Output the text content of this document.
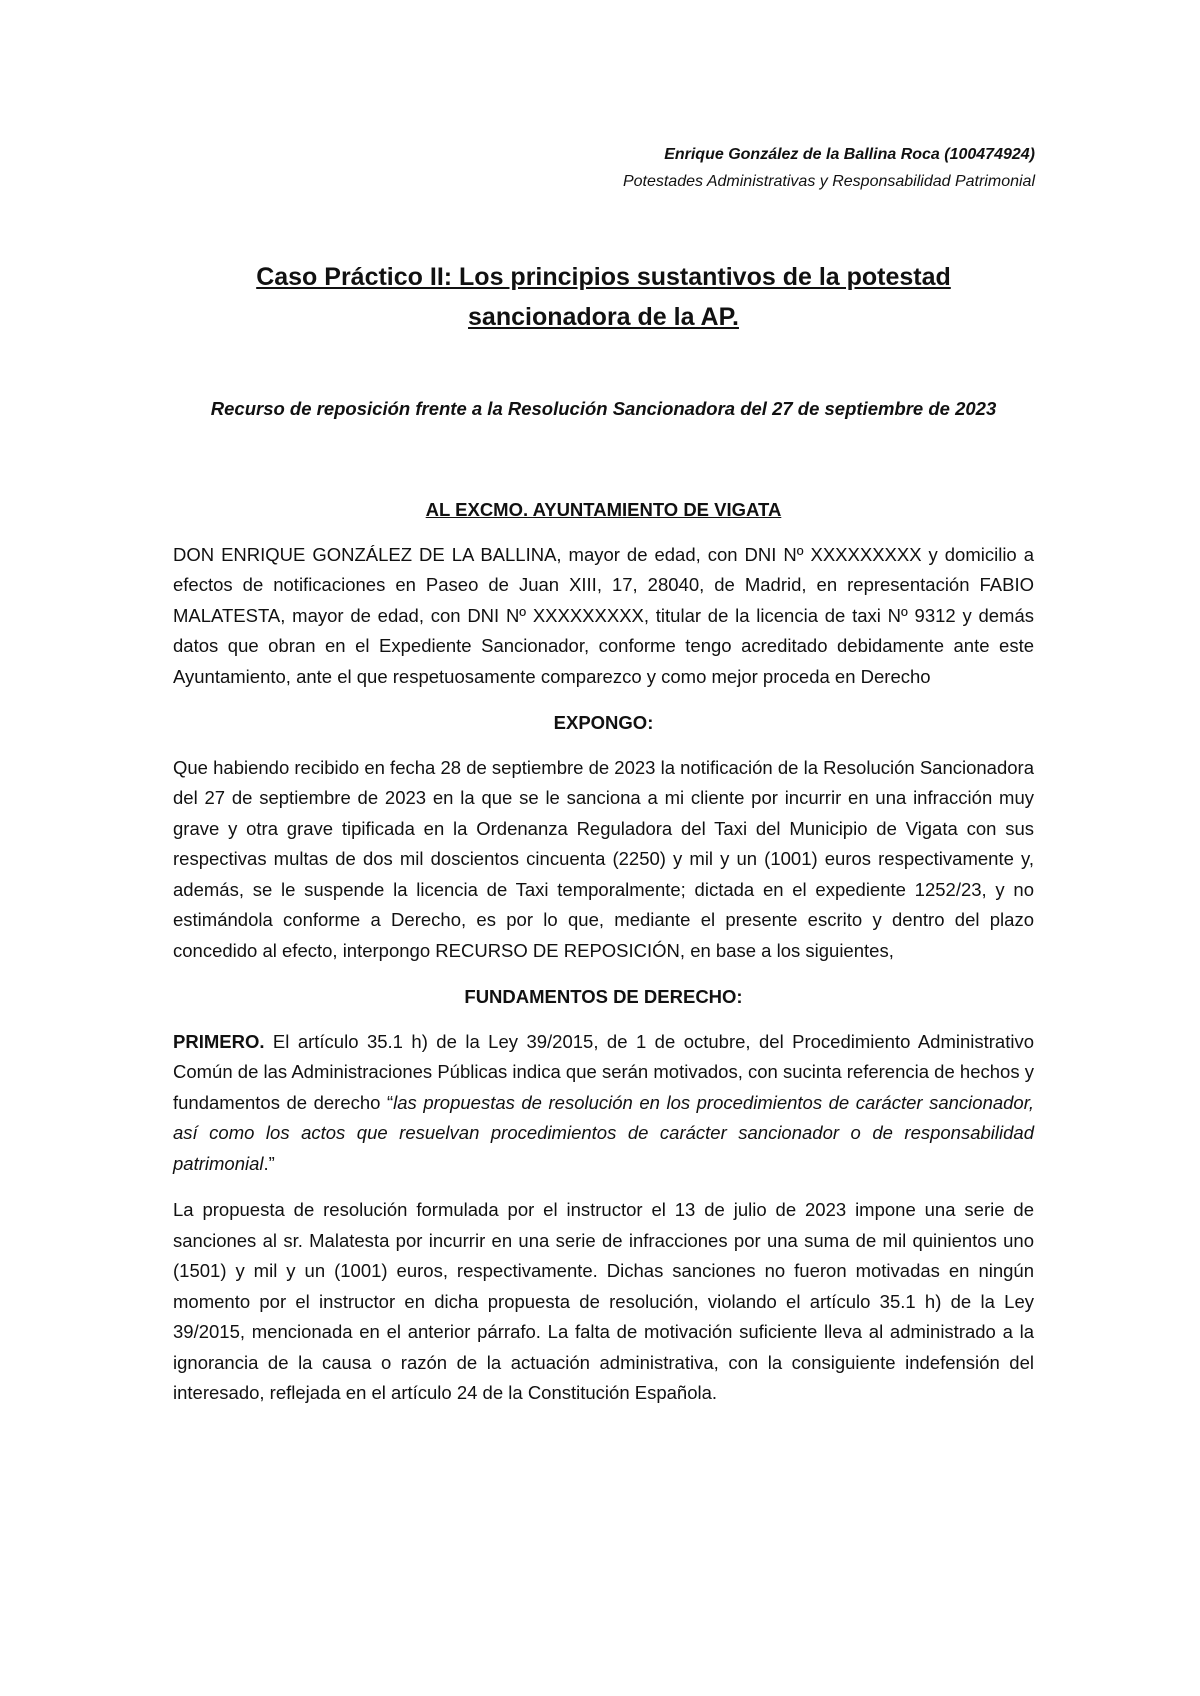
Enrique González de la Ballina Roca (100474924)
Potestades Administrativas y Responsabilidad Patrimonial
Caso Práctico II: Los principios sustantivos de la potestad
sancionadora de la AP.
Recurso de reposición frente a la Resolución Sancionadora del 27 de septiembre de 2023
AL EXCMO. AYUNTAMIENTO DE VIGATA

DON ENRIQUE GONZÁLEZ DE LA BALLINA, mayor de edad, con DNI Nº XXXXXXXXX y domicilio a efectos de notificaciones en Paseo de Juan XIII, 17, 28040, de Madrid, en representación FABIO MALATESTA, mayor de edad, con DNI Nº XXXXXXXXX, titular de la licencia de taxi Nº 9312 y demás datos que obran en el Expediente Sancionador, conforme tengo acreditado debidamente ante este Ayuntamiento, ante el que respetuosamente comparezco y como mejor proceda en Derecho

EXPONGO:

Que habiendo recibido en fecha 28 de septiembre de 2023 la notificación de la Resolución Sancionadora del 27 de septiembre de 2023 en la que se le sanciona a mi cliente por incurrir en una infracción muy grave y otra grave tipificada en la Ordenanza Reguladora del Taxi del Municipio de Vigata con sus respectivas multas de dos mil doscientos cincuenta (2250) y mil y un (1001) euros respectivamente y, además, se le suspende la licencia de Taxi temporalmente; dictada en el expediente 1252/23, y no estimándola conforme a Derecho, es por lo que, mediante el presente escrito y dentro del plazo concedido al efecto, interpongo RECURSO DE REPOSICIÓN, en base a los siguientes,

FUNDAMENTOS DE DERECHO:

PRIMERO. El artículo 35.1 h) de la Ley 39/2015, de 1 de octubre, del Procedimiento Administrativo Común de las Administraciones Públicas indica que serán motivados, con sucinta referencia de hechos y fundamentos de derecho “las propuestas de resolución en los procedimientos de carácter sancionador, así como los actos que resuelvan procedimientos de carácter sancionador o de responsabilidad patrimonial.”

La propuesta de resolución formulada por el instructor el 13 de julio de 2023 impone una serie de sanciones al sr. Malatesta por incurrir en una serie de infracciones por una suma de mil quinientos uno (1501) y mil y un (1001) euros, respectivamente. Dichas sanciones no fueron motivadas en ningún momento por el instructor en dicha propuesta de resolución, violando el artículo 35.1 h) de la Ley 39/2015, mencionada en el anterior párrafo. La falta de motivación suficiente lleva al administrado a la ignorancia de la causa o razón de la actuación administrativa, con la consiguiente indefensión del interesado, reflejada en el artículo 24 de la Constitución Española.
